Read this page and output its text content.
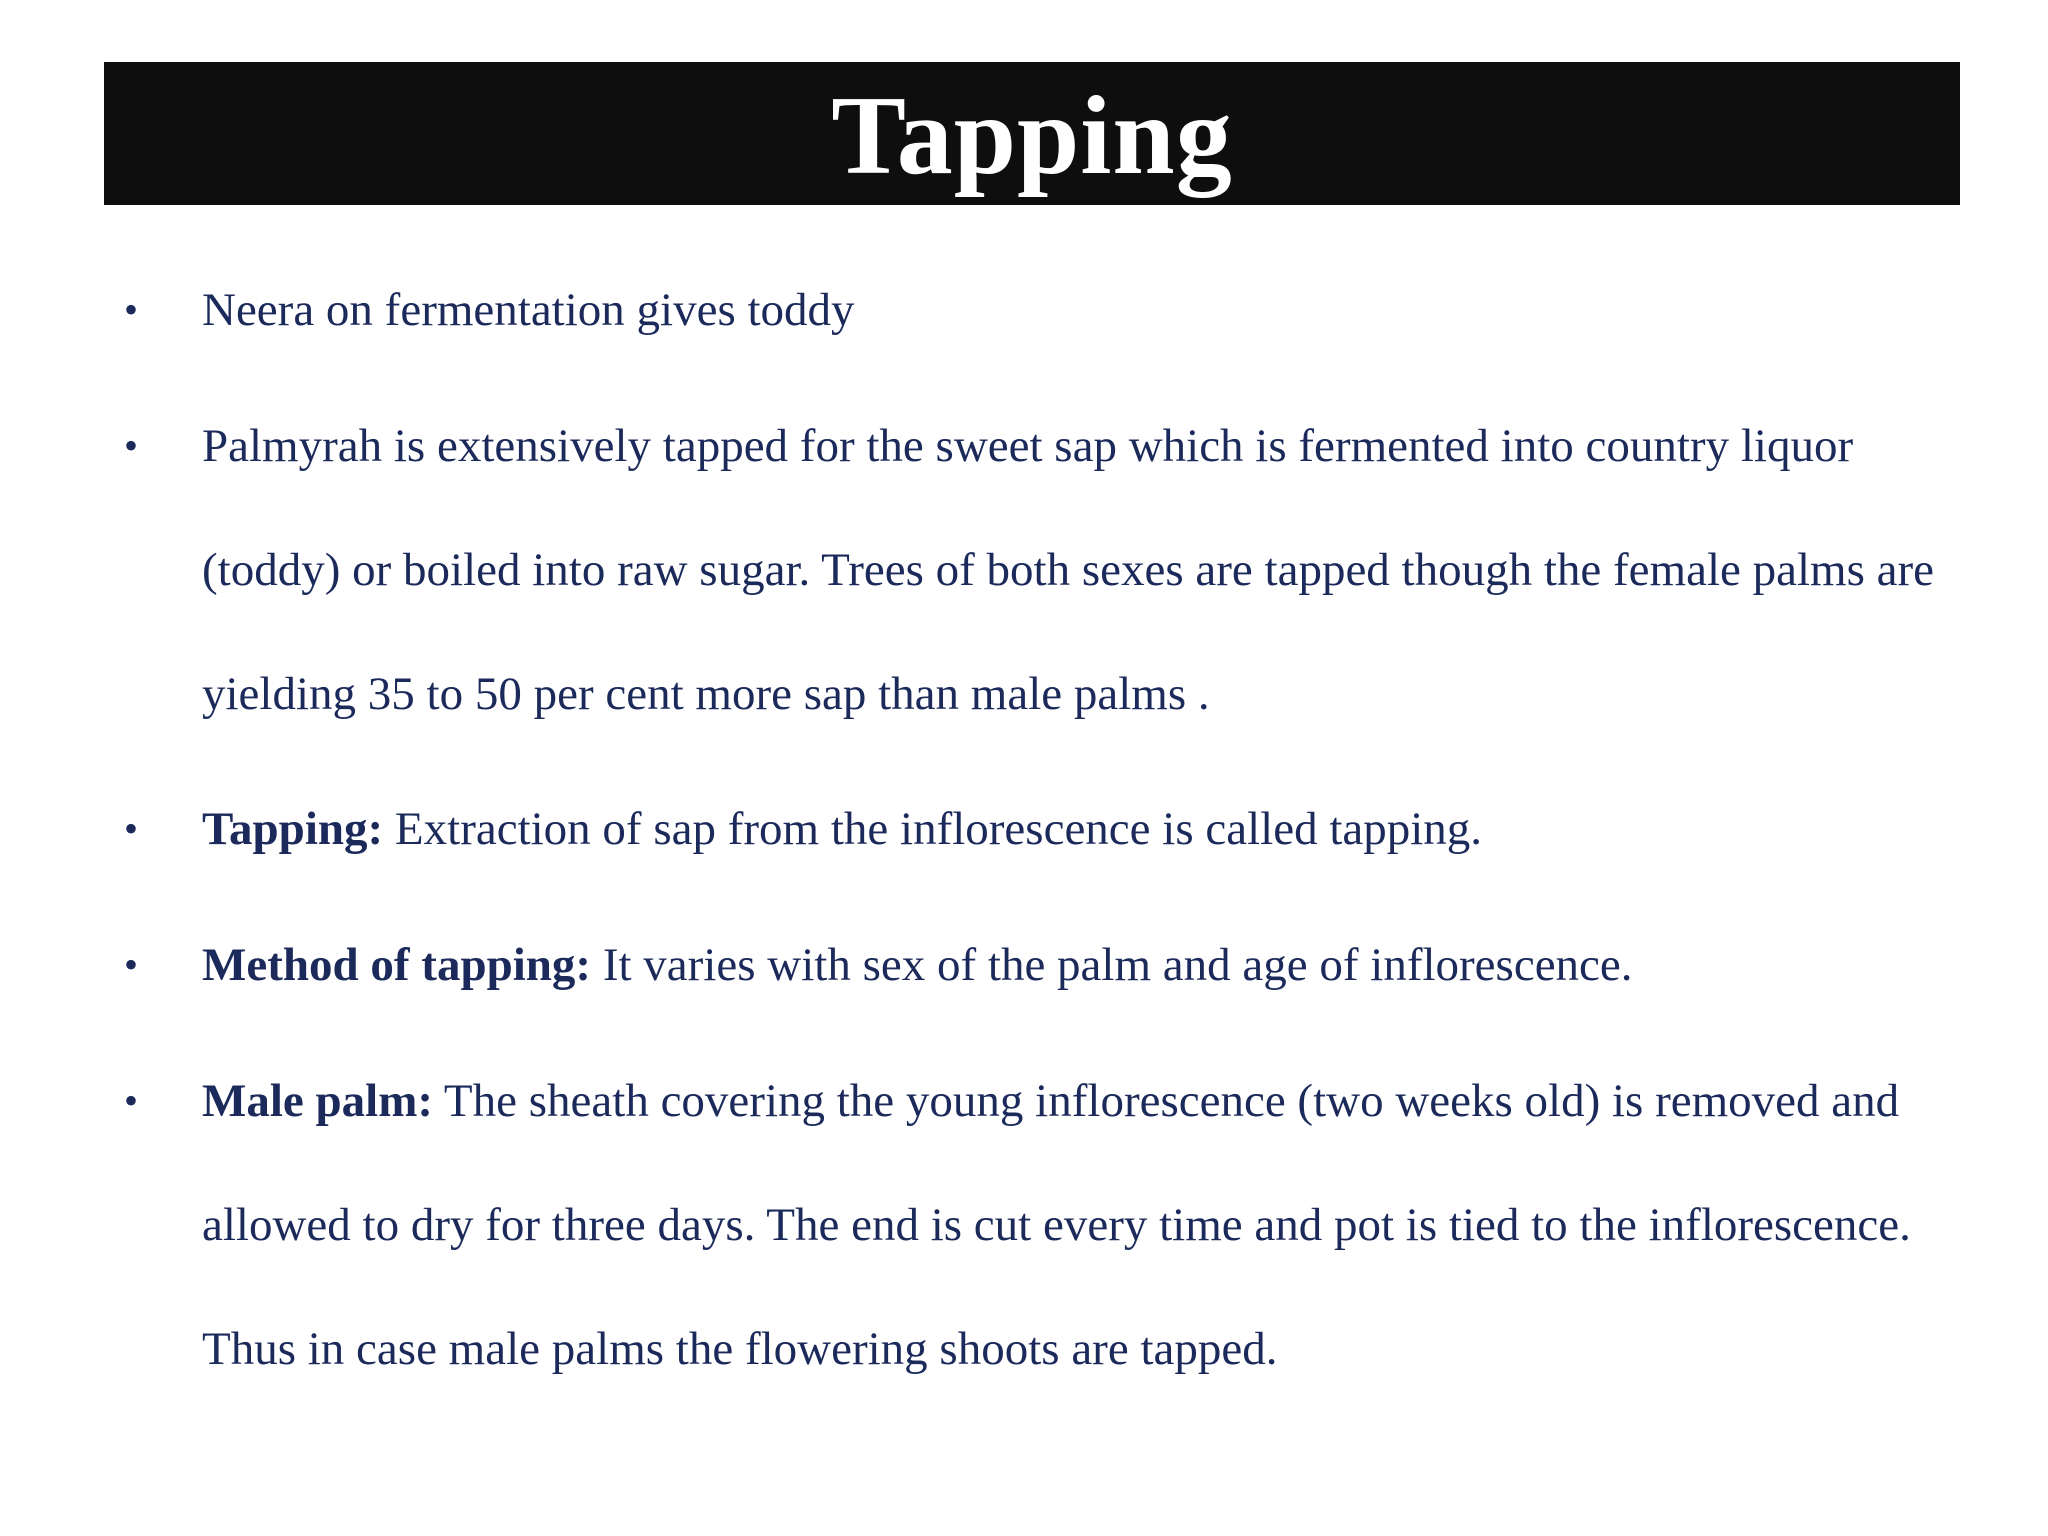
Tapping
•	Neera on fermentation gives toddy
•	Palmyrah is extensively tapped for the sweet sap which is fermented into country liquor (toddy) or boiled into raw sugar. Trees of both sexes are tapped though the female palms are yielding 35 to 50 per cent more sap than male palms .
•	Tapping: Extraction of sap from the inflorescence is called tapping.
•	Method of tapping: It varies with sex of the palm and age of inflorescence.
•	Male palm: The sheath covering the young inflorescence (two weeks old) is removed and allowed to dry for three days. The end is cut every time and pot is tied to the inflorescence. Thus in case male palms the flowering shoots are tapped.
